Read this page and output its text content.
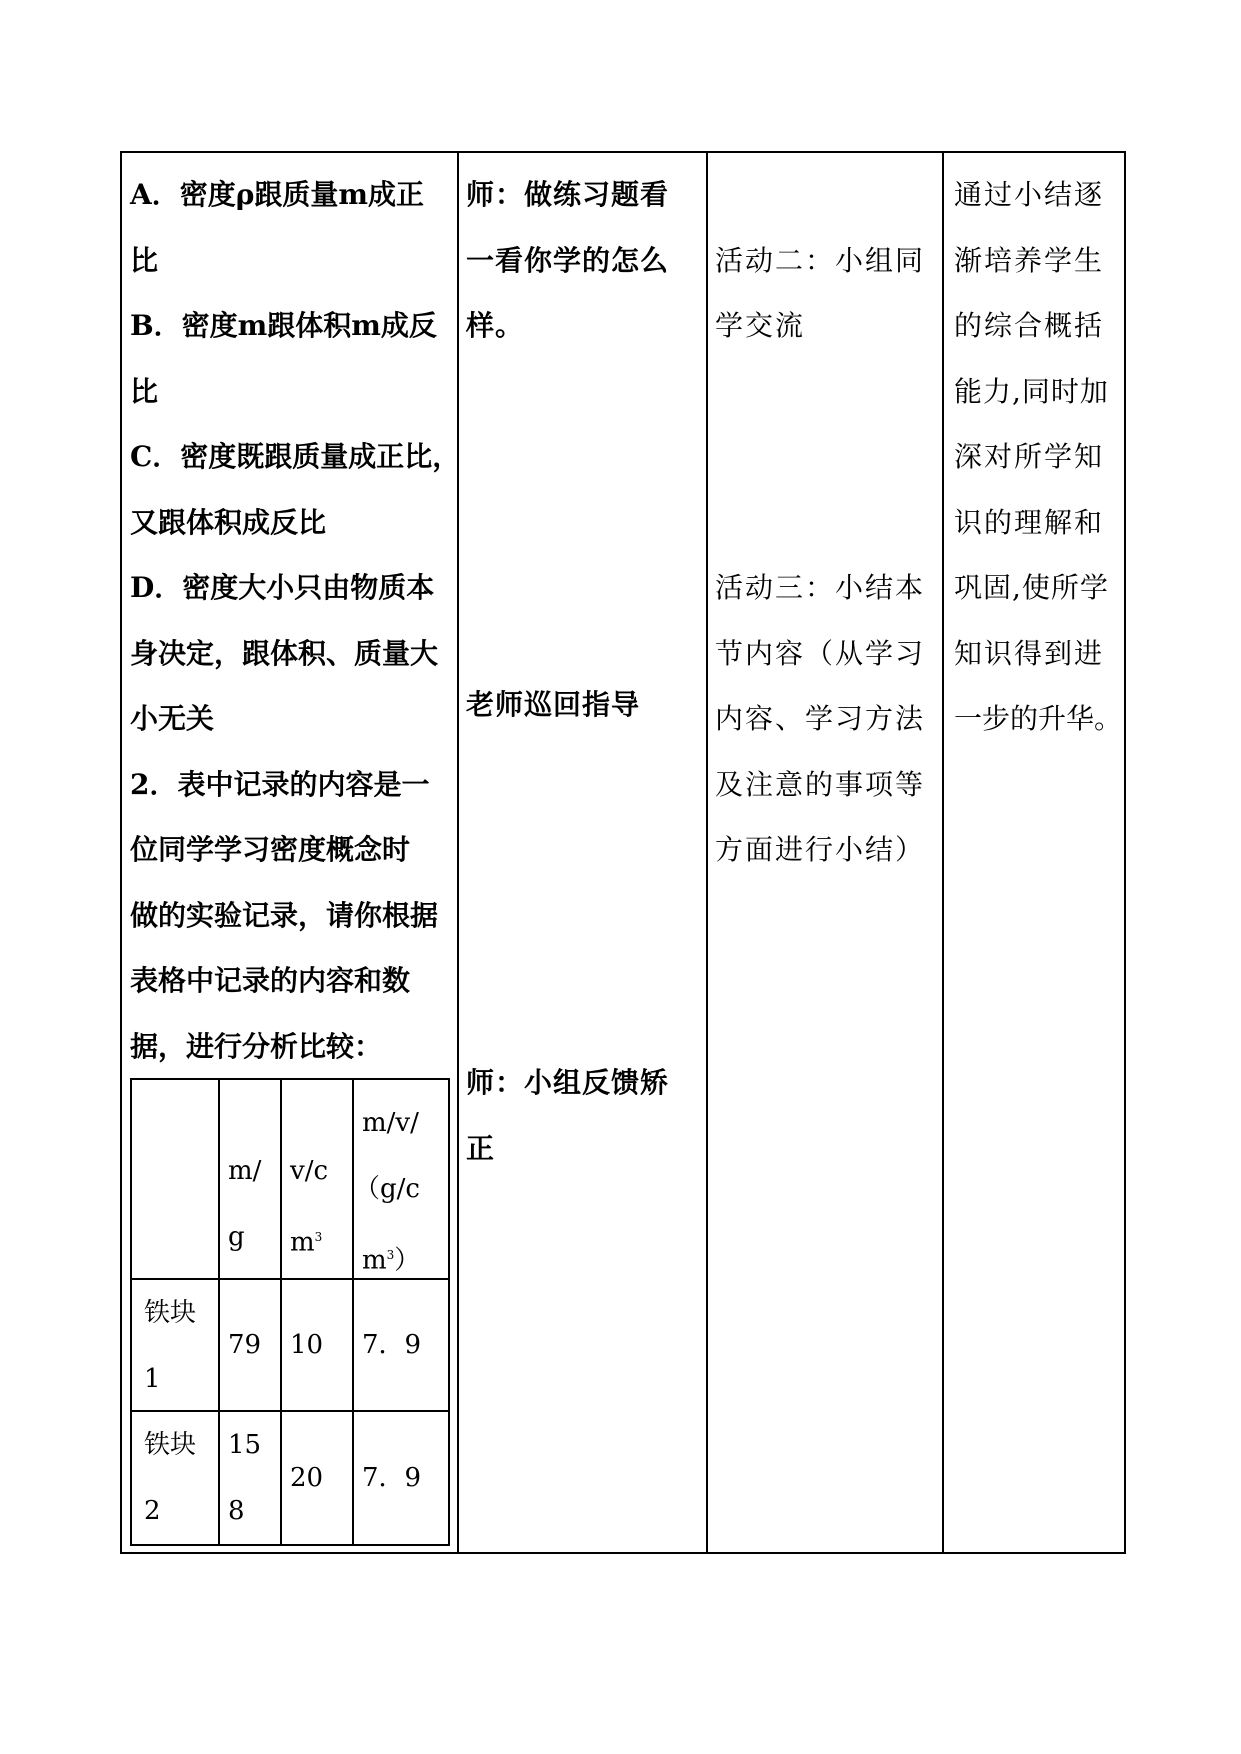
A．密度ρ跟质量m成正
比
B．密度m跟体积m成反
比
C．密度既跟质量成正比，
又跟体积成反比
D．密度大小只由物质本
身决定，跟体积、质量大
小无关
2．表中记录的内容是一
位同学学习密度概念时
做的实验记录，请你根据
表格中记录的内容和数
据，进行分析比较：
m/
g
v/c
$m^3$
m/v/
（g/c
$m^3$）
铁块
1
79 10 7．9
铁块
2
15
8
20 7．9
师：做练习题看
一看你学的怎么
样。
老师巡回指导
师：小组反馈矫
正
活动二：小组同
学交流
活动三：小结本
节内容（从学习
内容、学习方法
及注意的事项等
方面进行小结）
通过小结逐
渐培养学生
的综合概括
能力,同时加
深对所学知
识的理解和
巩固,使所学
知识得到进
一步的升华。
